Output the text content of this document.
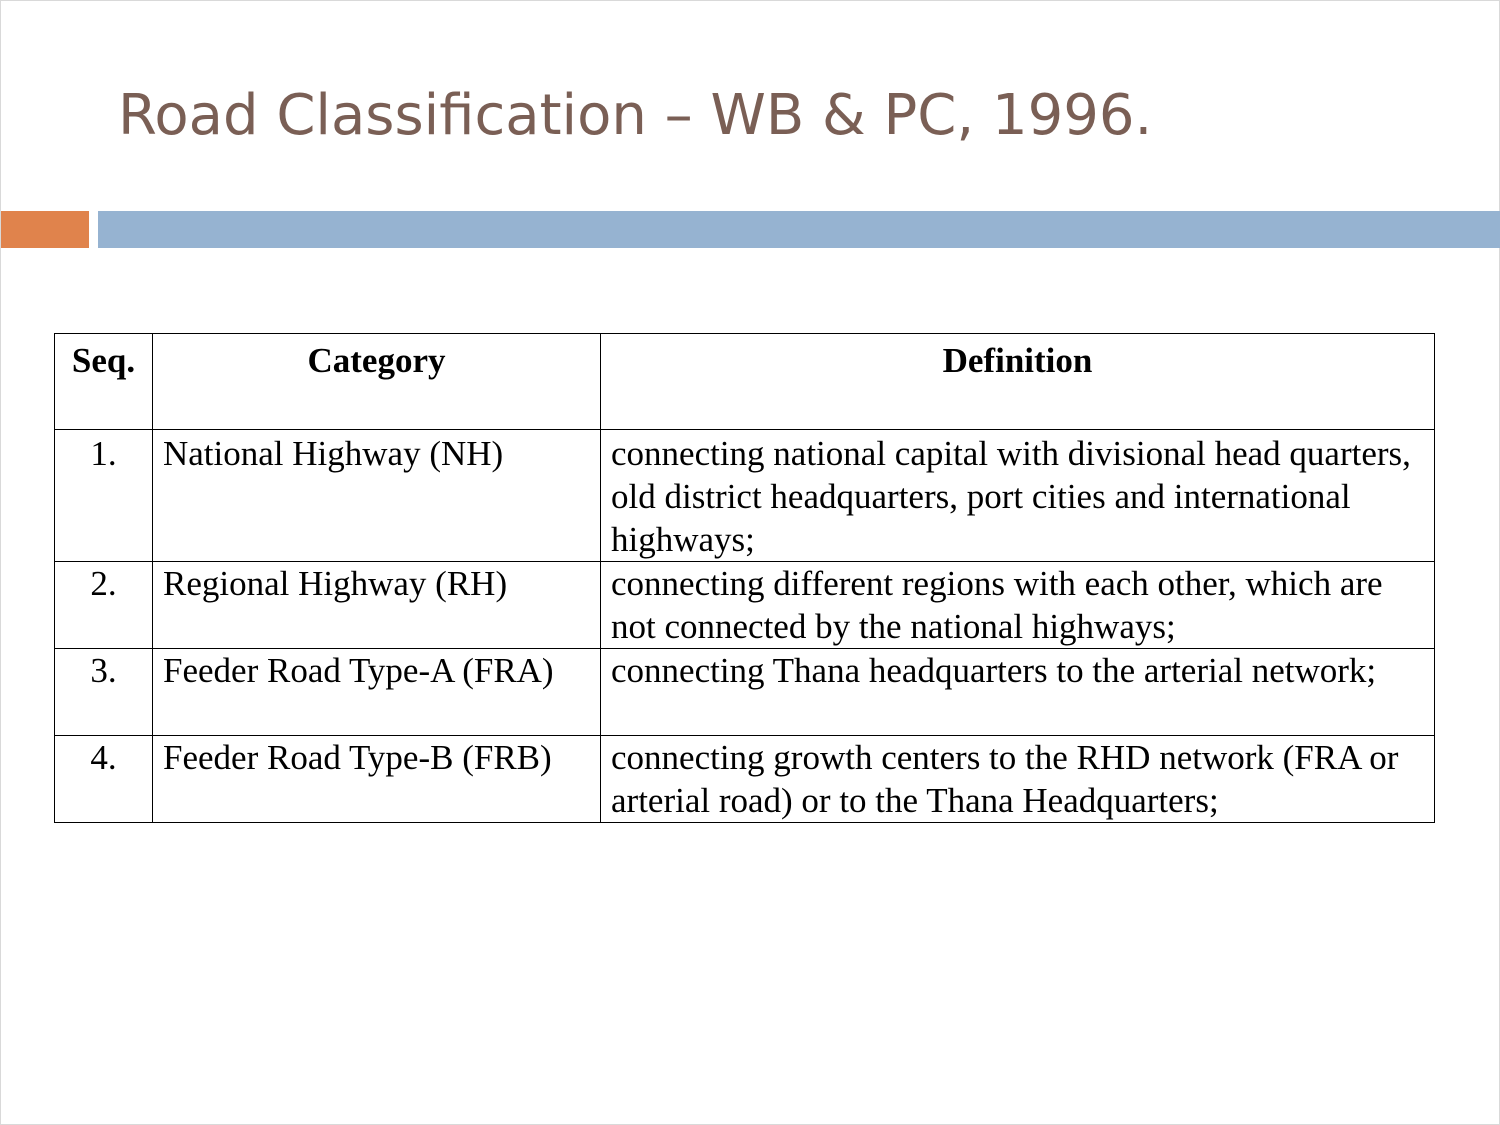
Road Classification – WB & PC, 1996.
Seq.	Category	Definition
1.	National Highway (NH)	connecting national capital with divisional head quarters, old district headquarters, port cities and international highways;
2.	Regional Highway (RH)	connecting different regions with each other, which are not connected by the national highways;
3.	Feeder Road Type-A (FRA)	connecting Thana headquarters to the arterial network;
4.	Feeder Road Type-B (FRB)	connecting growth centers to the RHD network (FRA or arterial road) or to the Thana Headquarters;
